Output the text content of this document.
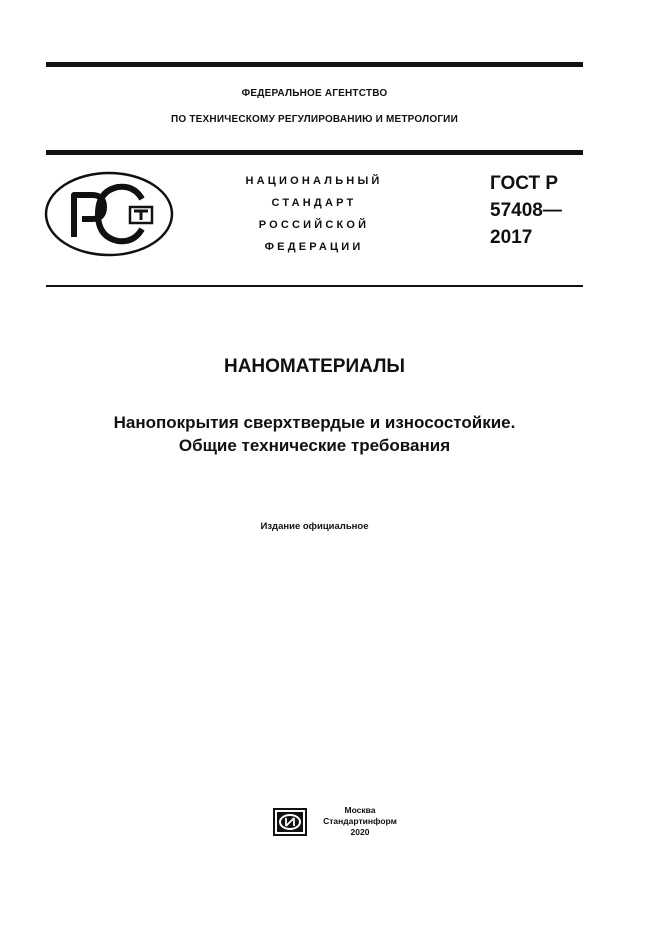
ФЕДЕРАЛЬНОЕ АГЕНТСТВО
ПО ТЕХНИЧЕСКОМУ РЕГУЛИРОВАНИЮ И МЕТРОЛОГИИ
НАЦИОНАЛЬНЫЙ
СТАНДАРТ
РОССИЙСКОЙ
ФЕДЕРАЦИИ
ГОСТ Р
57408—
2017
НАНОМАТЕРИАЛЫ
Нанопокрытия сверхтвердые и износостойкие.
Общие технические требования
Издание официальное
Москва
Стандартинформ
2020
